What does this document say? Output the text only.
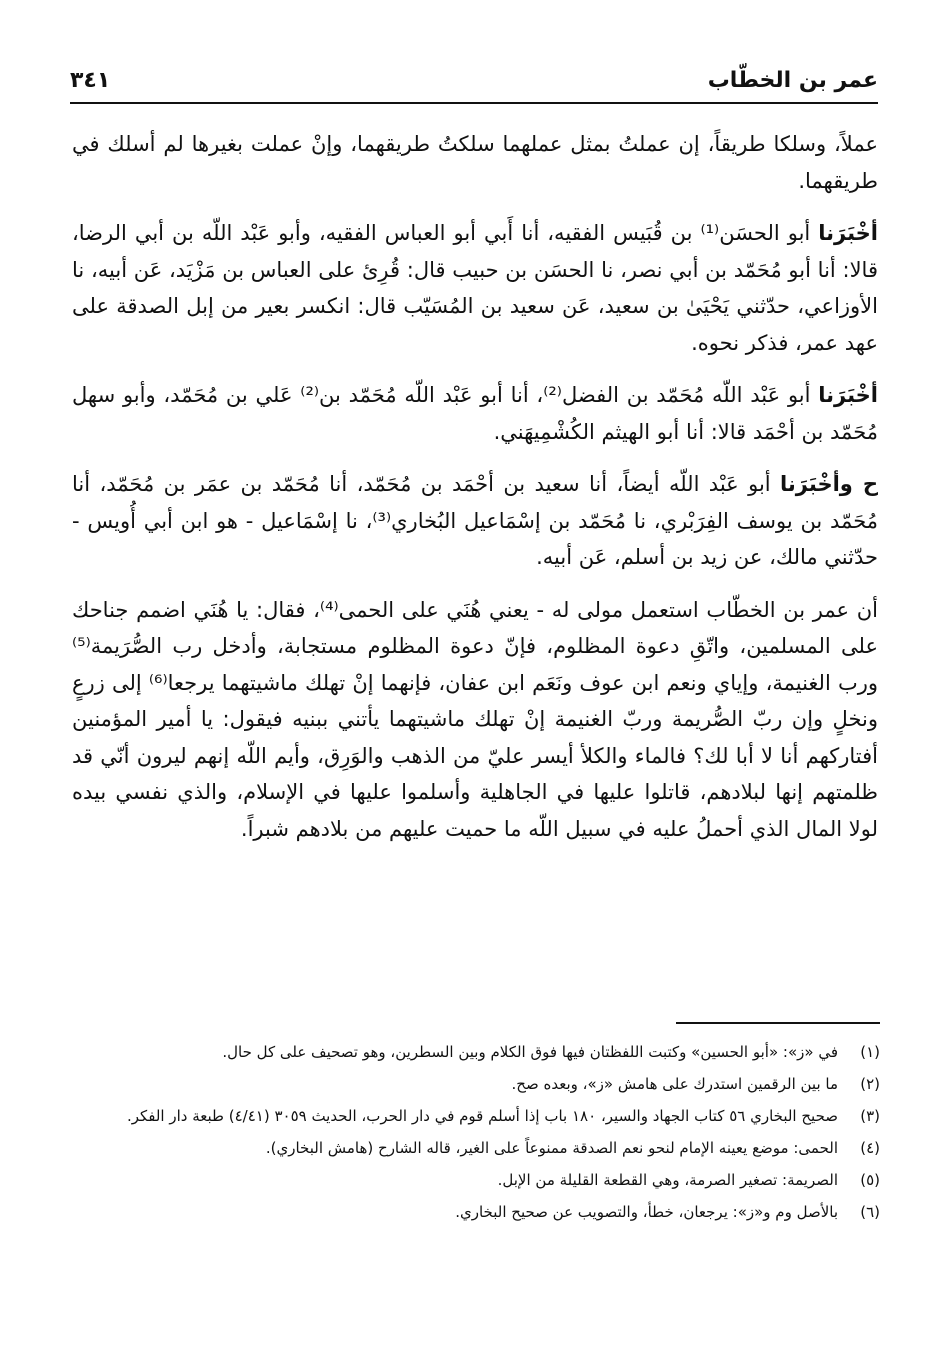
عمر بن الخطّاب
٣٤١

عملاً، وسلكا طريقاً، إن عملتُ بمثل عملهما سلكتُ طريقهما، وإنْ عملت بغيرها لم أسلك في طريقهما.

أخْبَرَنا أبو الحسَن⁽¹⁾ بن قُبَيس الفقيه، أنا أَبي أبو العباس الفقيه، وأبو عَبْد اللّه بن أبي الرضا، قالا: أنا أبو مُحَمّد بن أبي نصر، نا الحسَن بن حبيب قال: قُرِئ على العباس بن مَزْيَد، عَن أبيه، نا الأوزاعي، حدّثني يَحْيَىٰ بن سعيد، عَن سعيد بن المُسَيّب قال: انكسر بعير من إبل الصدقة على عهد عمر، فذكر نحوه.

أخْبَرَنا أبو عَبْد اللّه مُحَمّد بن الفضل⁽²⁾، أنا أبو عَبْد اللّه مُحَمّد بن⁽²⁾ عَلي بن مُحَمّد، وأبو سهل مُحَمّد بن أحْمَد قالا: أنا أبو الهيثم الكُشْمِيهَني.

ح وأخْبَرَنا أبو عَبْد اللّه أيضاً، أنا سعيد بن أحْمَد بن مُحَمّد، أنا مُحَمّد بن عمَر بن مُحَمّد، أنا مُحَمّد بن يوسف الفِرَبْري، نا مُحَمّد بن إسْمَاعيل البُخاري⁽³⁾، نا إسْمَاعيل - هو ابن أبي أُويس - حدّثني مالك، عن زيد بن أسلم، عَن أبيه.

أن عمر بن الخطّاب استعمل مولى له - يعني هُنَي على الحمى⁽⁴⁾، فقال: يا هُنَي اضمم جناحك على المسلمين، واتّقِ دعوة المظلوم، فإنّ دعوة المظلوم مستجابة، وأدخل رب الصُّرَيمة⁽⁵⁾ ورب الغنيمة، وإياي ونعم ابن عوف ونَعَم ابن عفان، فإنهما إنْ تهلك ماشيتهما يرجعا⁽⁶⁾ إلى زرعٍ ونخلٍ وإن ربّ الصُّريمة وربّ الغنيمة إنْ تهلك ماشيتهما يأتني ببنيه فيقول: يا أمير المؤمنين أفتاركهم أنا لا أبا لك؟ فالماء والكلأ أيسر عليّ من الذهب والوَرِق، وأيم اللّه إنهم ليرون أنّي قد ظلمتهم إنها لبلادهم، قاتلوا عليها في الجاهلية وأسلموا عليها في الإسلام، والذي نفسي بيده لولا المال الذي أحملُ عليه في سبيل اللّه ما حميت عليهم من بلادهم شبراً.

(١)
في «ز»: «أبو الحسين» وكتبت اللفظتان فيها فوق الكلام وبين السطرين، وهو تصحيف على كل حال.
(٢)
ما بين الرقمين استدرك على هامش «ز»، وبعده صح.
(٣)
صحيح البخاري ٥٦ كتاب الجهاد والسير، ١٨٠ باب إذا أسلم قوم في دار الحرب، الحديث ٣٠٥٩ (٤/٤١) طبعة دار الفكر.
(٤)
الحمى: موضع يعينه الإمام لنحو نعم الصدقة ممنوعاً على الغير، قاله الشارح (هامش البخاري).
(٥)
الصريمة: تصغير الصرمة، وهي القطعة القليلة من الإبل.
(٦)
بالأصل وم و«ز»: يرجعان، خطأ، والتصويب عن صحيح البخاري.
